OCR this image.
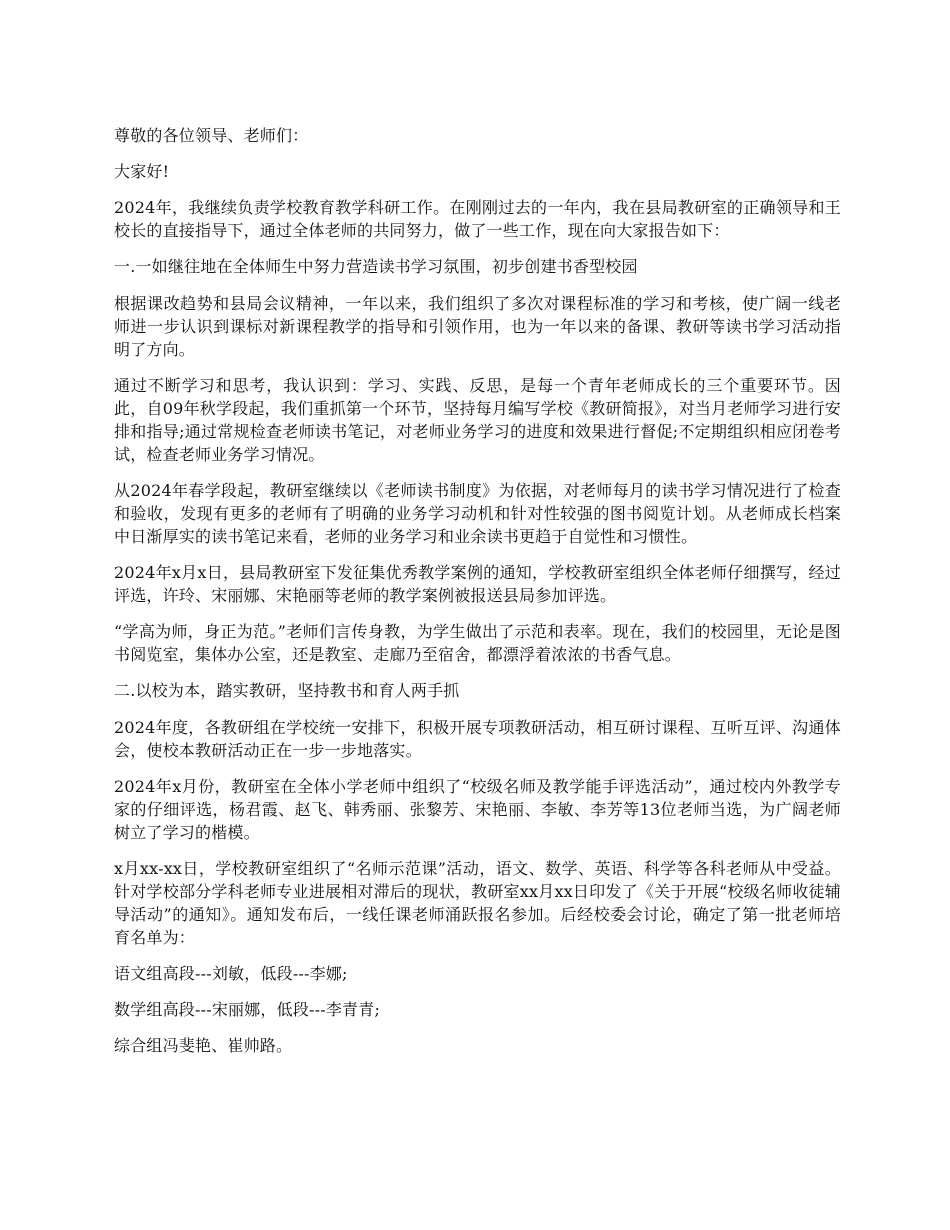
尊敬的各位领导、老师们：

大家好!

2024年，我继续负责学校教育教学科研工作。在刚刚过去的一年内，我在县局教研室的正确领导和王校长的直接指导下，通过全体老师的共同努力，做了一些工作，现在向大家报告如下：

一.一如继往地在全体师生中努力营造读书学习氛围，初步创建书香型校园

根据课改趋势和县局会议精神，一年以来，我们组织了多次对课程标准的学习和考核，使广阔一线老师进一步认识到课标对新课程教学的指导和引领作用，也为一年以来的备课、教研等读书学习活动指明了方向。

通过不断学习和思考，我认识到：学习、实践、反思，是每一个青年老师成长的三个重要环节。因此，自09年秋学段起，我们重抓第一个环节，坚持每月编写学校《教研简报》，对当月老师学习进行安排和指导;通过常规检查老师读书笔记，对老师业务学习的进度和效果进行督促;不定期组织相应闭卷考试，检查老师业务学习情况。

从2024年春学段起，教研室继续以《老师读书制度》为依据，对老师每月的读书学习情况进行了检查和验收，发现有更多的老师有了明确的业务学习动机和针对性较强的图书阅览计划。从老师成长档案中日渐厚实的读书笔记来看，老师的业务学习和业余读书更趋于自觉性和习惯性。

2024年x月x日，县局教研室下发征集优秀教学案例的通知，学校教研室组织全体老师仔细撰写，经过评选，许玲、宋丽娜、宋艳丽等老师的教学案例被报送县局参加评选。

“学高为师，身正为范。”老师们言传身教，为学生做出了示范和表率。现在，我们的校园里，无论是图书阅览室，集体办公室，还是教室、走廊乃至宿舍，都漂浮着浓浓的书香气息。

二.以校为本，踏实教研，坚持教书和育人两手抓

2024年度，各教研组在学校统一安排下，积极开展专项教研活动，相互研讨课程、互听互评、沟通体会，使校本教研活动正在一步一步地落实。

2024年x月份，教研室在全体小学老师中组织了“校级名师及教学能手评选活动”，通过校内外教学专家的仔细评选，杨君霞、赵飞、韩秀丽、张黎芳、宋艳丽、李敏、李芳等13位老师当选，为广阔老师树立了学习的楷模。

x月xx-xx日，学校教研室组织了“名师示范课”活动，语文、数学、英语、科学等各科老师从中受益。针对学校部分学科老师专业进展相对滞后的现状，教研室xx月xx日印发了《关于开展“校级名师收徒辅导活动”的通知》。通知发布后，一线任课老师涌跃报名参加。后经校委会讨论，确定了第一批老师培育名单为：

语文组高段---刘敏，低段---李娜;

数学组高段---宋丽娜，低段---李青青;

综合组冯斐艳、崔帅路。
